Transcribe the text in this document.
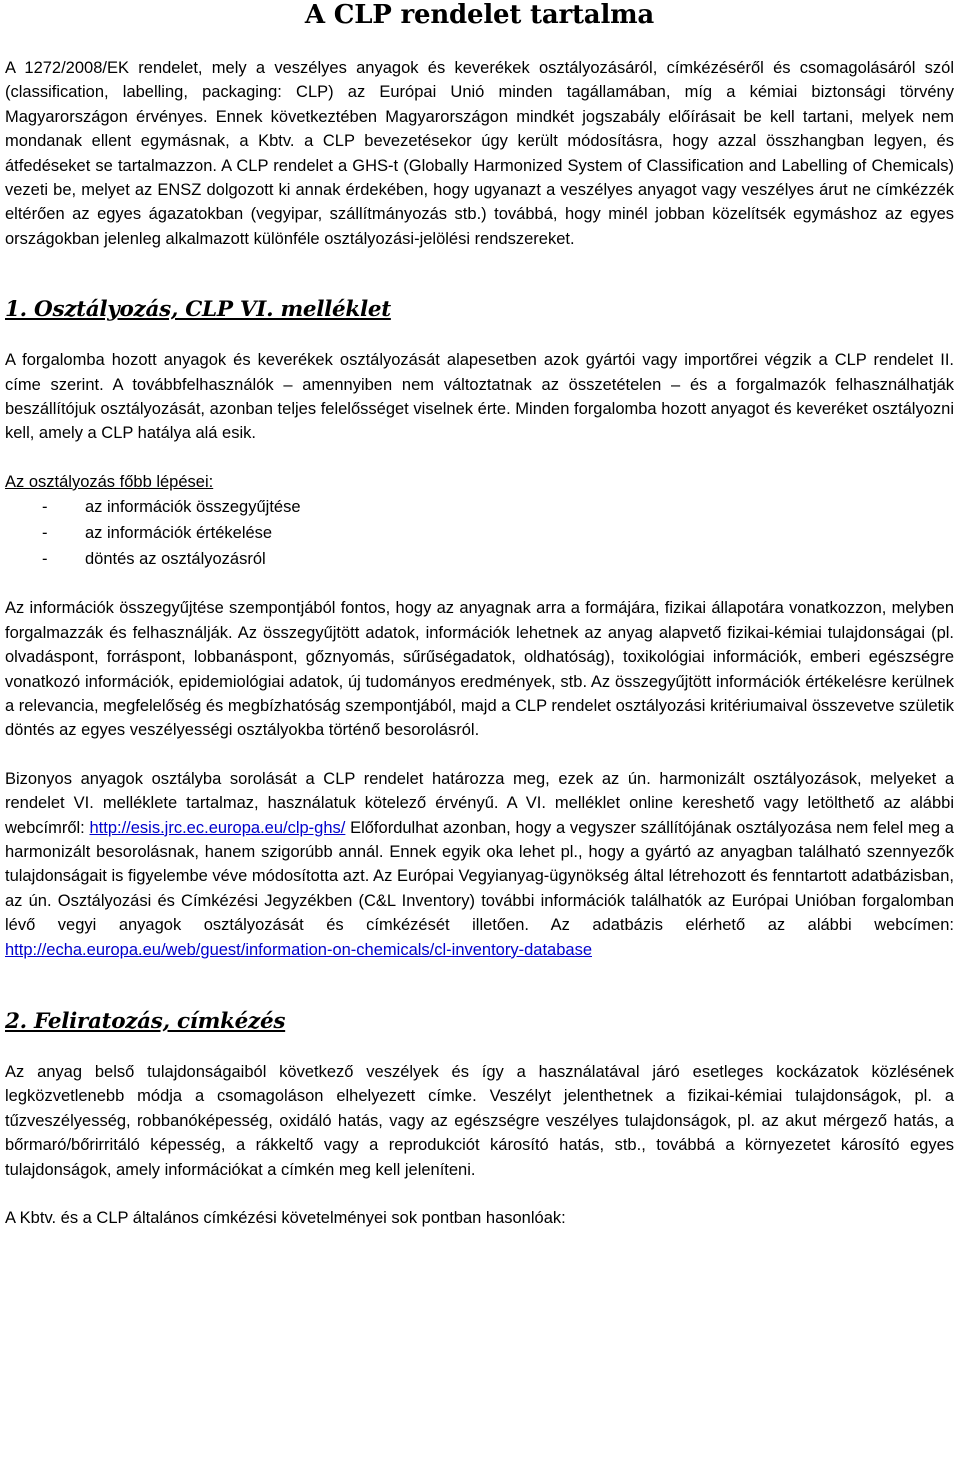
A CLP rendelet tartalma

A 1272/2008/EK rendelet, mely a veszélyes anyagok és keverékek osztályozásáról, címkézéséről és csomagolásáról szól (classification, labelling, packaging: CLP) az Európai Unió minden tagállamában, míg a kémiai biztonsági törvény Magyarországon érvényes. Ennek következtében Magyarországon mindkét jogszabály előírásait be kell tartani, melyek nem mondanak ellent egymásnak, a Kbtv. a CLP bevezetésekor úgy került módosításra, hogy azzal összhangban legyen, és átfedéseket se tartalmazzon. A CLP rendelet a GHS-t (Globally Harmonized System of Classification and Labelling of Chemicals) vezeti be, melyet az ENSZ dolgozott ki annak érdekében, hogy ugyanazt a veszélyes anyagot vagy veszélyes árut ne címkézzék eltérően az egyes ágazatokban (vegyipar, szállítmányozás stb.) továbbá, hogy minél jobban közelítsék egymáshoz az egyes országokban jelenleg alkalmazott különféle osztályozási-jelölési rendszereket.

1. Osztályozás, CLP VI. melléklet

A forgalomba hozott anyagok és keverékek osztályozását alapesetben azok gyártói vagy importőrei végzik a CLP rendelet II. címe szerint. A továbbfelhasználók – amennyiben nem változtatnak az összetételen – és a forgalmazók felhasználhatják beszállítójuk osztályozását, azonban teljes felelősséget viselnek érte. Minden forgalomba hozott anyagot és keveréket osztályozni kell, amely a CLP hatálya alá esik.

Az osztályozás főbb lépései:

-	az információk összegyűjtése
-	az információk értékelése
-	döntés az osztályozásról

Az információk összegyűjtése szempontjából fontos, hogy az anyagnak arra a formájára, fizikai állapotára vonatkozzon, melyben forgalmazzák és felhasználják. Az összegyűjtött adatok, információk lehetnek az anyag alapvető fizikai-kémiai tulajdonságai (pl. olvadáspont, forráspont, lobbanáspont, gőznyomás, sűrűségadatok, oldhatóság), toxikológiai információk, emberi egészségre vonatkozó információk, epidemiológiai adatok, új tudományos eredmények, stb. Az összegyűjtött információk értékelésre kerülnek a relevancia, megfelelőség és megbízhatóság szempontjából, majd a CLP rendelet osztályozási kritériumaival összevetve születik döntés az egyes veszélyességi osztályokba történő besorolásról.

Bizonyos anyagok osztályba sorolását a CLP rendelet határozza meg, ezek az ún. harmonizált osztályozások, melyeket a rendelet VI. melléklete tartalmaz, használatuk kötelező érvényű. A VI. melléklet online kereshető vagy letölthető az alábbi webcímről: http://esis.jrc.ec.europa.eu/clp-ghs/ Előfordulhat azonban, hogy a vegyszer szállítójának osztályozása nem felel meg a harmonizált besorolásnak, hanem szigorúbb annál. Ennek egyik oka lehet pl., hogy a gyártó az anyagban található szennyezők tulajdonságait is figyelembe véve módosította azt. Az Európai Vegyianyag-ügynökség által létrehozott és fenntartott adatbázisban, az ún. Osztályozási és Címkézési Jegyzékben (C&L Inventory) további információk találhatók az Európai Unióban forgalomban lévő vegyi anyagok osztályozását és címkézését illetően. Az adatbázis elérhető az alábbi webcímen: http://echa.europa.eu/web/guest/information-on-chemicals/cl-inventory-database

2. Feliratozás, címkézés

Az anyag belső tulajdonságaiból következő veszélyek és így a használatával járó esetleges kockázatok közlésének legközvetlenebb módja a csomagoláson elhelyezett címke. Veszélyt jelenthetnek a fizikai-kémiai tulajdonságok, pl. a tűzveszélyesség, robbanóképesség, oxidáló hatás, vagy az egészségre veszélyes tulajdonságok, pl. az akut mérgező hatás, a bőrmaró/bőrirritáló képesség, a rákkeltő vagy a reprodukciót károsító hatás, stb., továbbá a környezetet károsító egyes tulajdonságok, amely információkat a címkén meg kell jeleníteni.

A Kbtv. és a CLP általános címkézési követelményei sok pontban hasonlóak:
